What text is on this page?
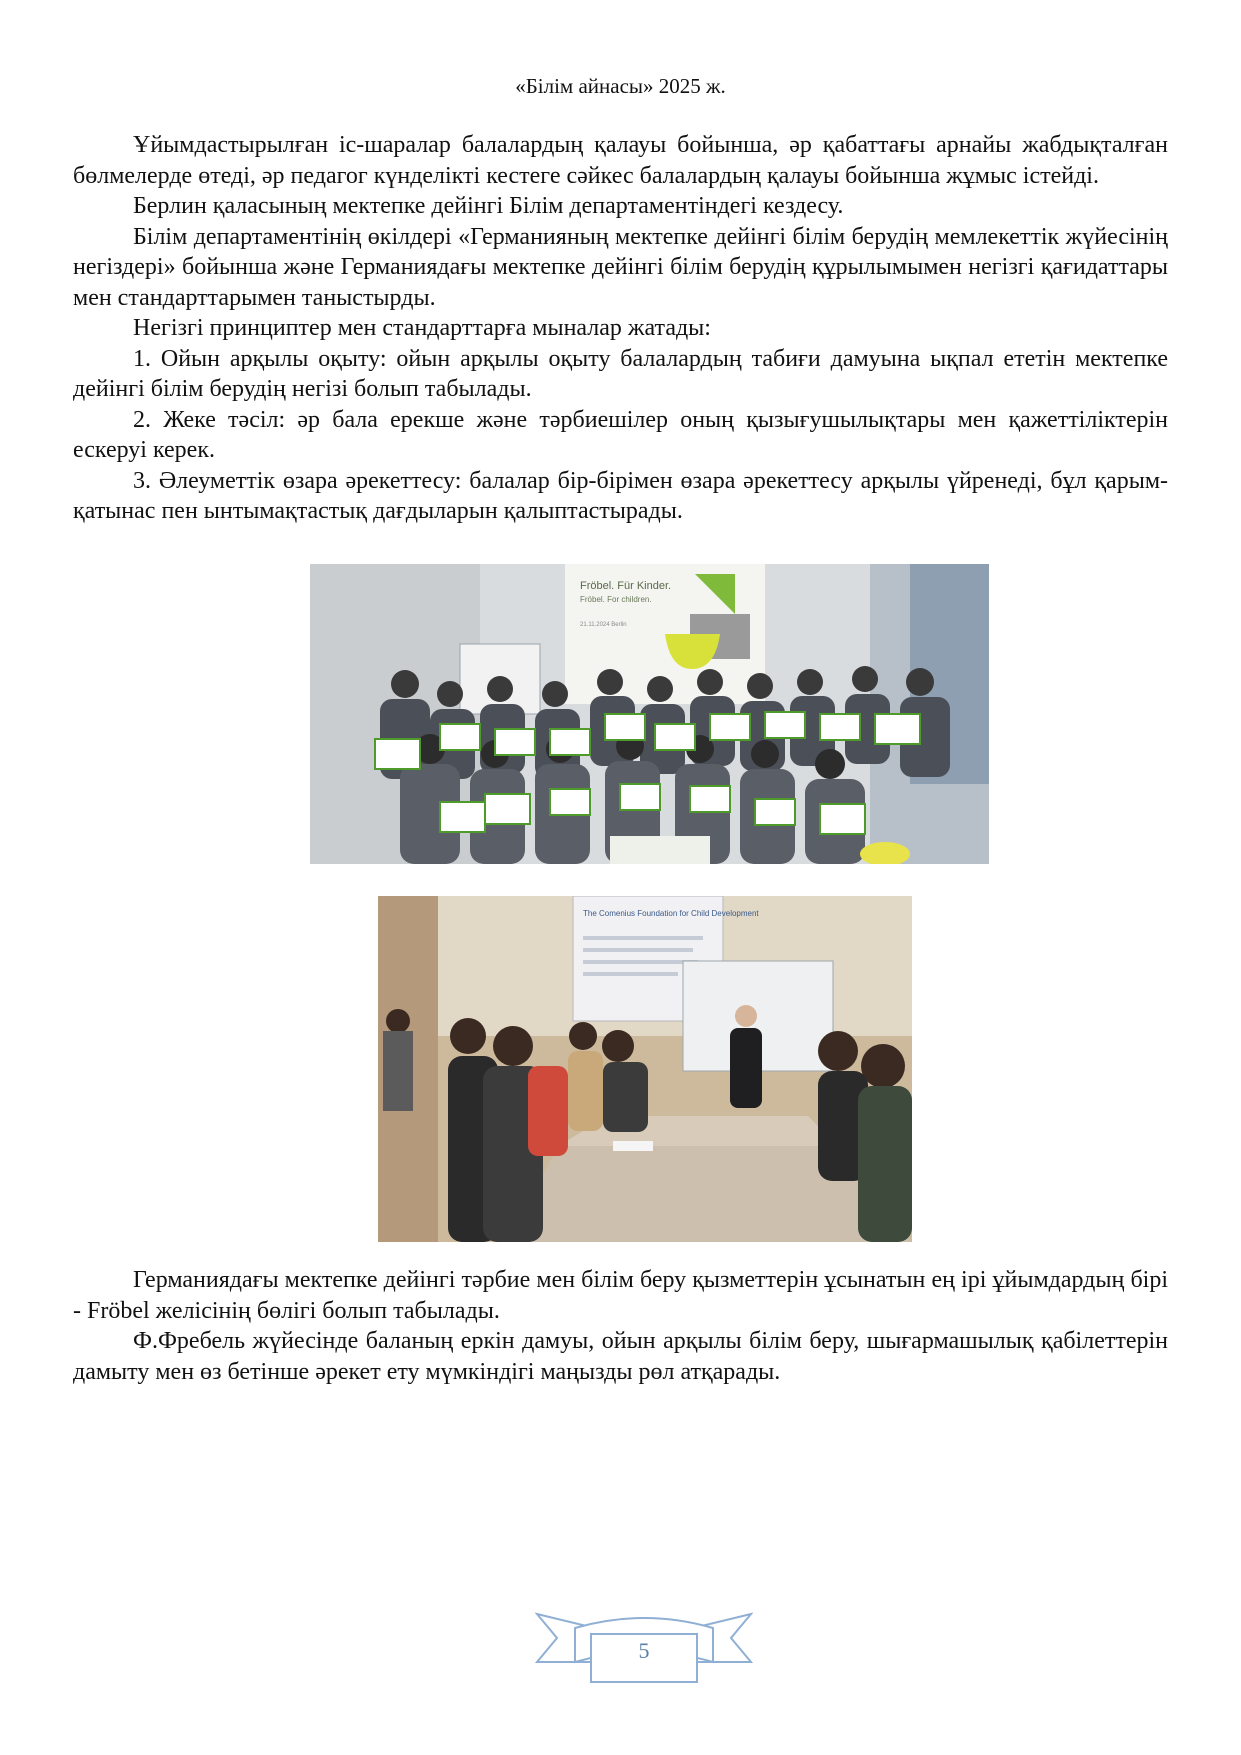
«Білім айнасы» 2025 ж.

Ұйымдастырылған іс-шаралар балалардың қалауы бойынша, әр қабаттағы арнайы жабдықталған бөлмелерде өтеді, әр педагог күнделікті кестеге сәйкес балалардың қалауы бойынша жұмыс істейді.

Берлин қаласының мектепке дейінгі Білім департаментіндегі кездесу.

Білім департаментінің өкілдері «Германияның мектепке дейінгі білім берудің мемлекеттік жүйесінің негіздері» бойынша және Германиядағы мектепке дейінгі білім берудің құрылымымен негізгі қағидаттары мен стандарттарымен таныстырды.

Негізгі принциптер мен стандарттарға мыналар жатады:

1. Ойын арқылы оқыту: ойын арқылы оқыту балалардың табиғи дамуына ықпал ететін мектепке дейінгі білім берудің негізі болып табылады.

2. Жеке тәсіл: әр бала ерекше және тәрбиешілер оның қызығушылықтары мен қажеттіліктерін ескеруі керек.

3. Әлеуметтік өзара әрекеттесу: балалар бір-бірімен өзара әрекеттесу арқылы үйренеді, бұл қарым-қатынас пен ынтымақтастық дағдыларын қалыптастырады.

Fröbel. Für Kinder.
Fröbel. For children.
21.11.2024 Berlin
The Comenius Foundation for Child Development

Германиядағы мектепке дейінгі тәрбие мен білім беру қызметтерін ұсынатын ең ірі ұйымдардың бірі - Fröbel желісінің бөлігі болып табылады.

Ф.Фребель жүйесінде баланың еркін дамуы, ойын арқылы білім беру, шығармашылық қабілеттерін дамыту мен өз бетінше әрекет ету мүмкіндігі маңызды рөл атқарады.

5
